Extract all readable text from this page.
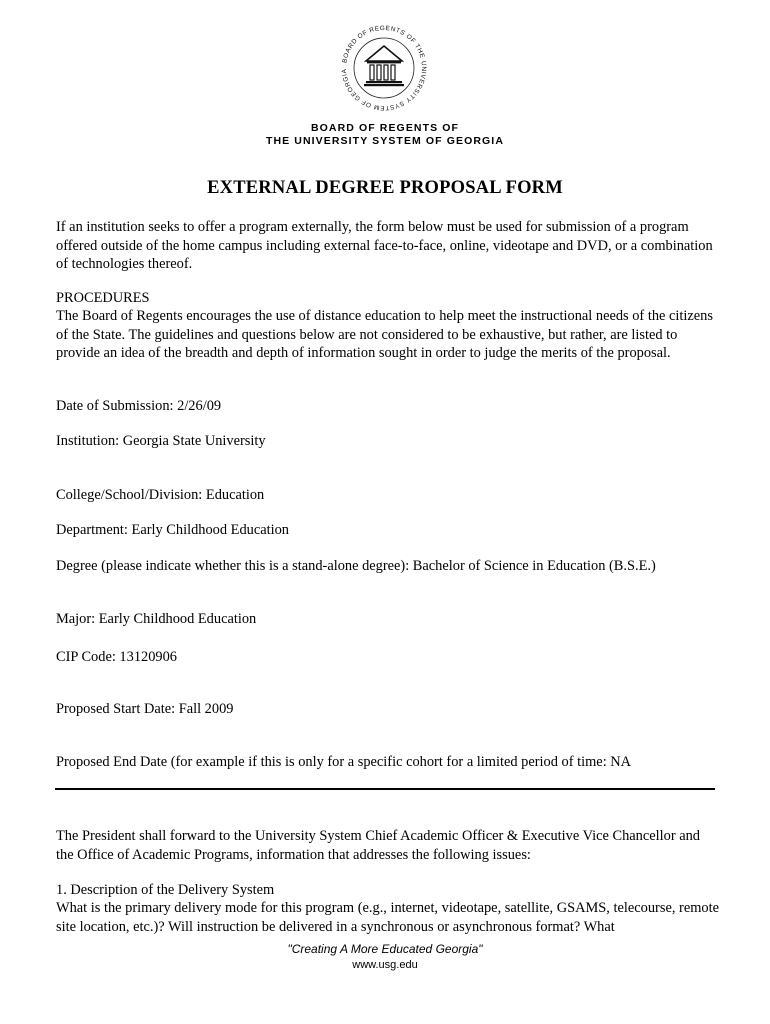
BOARD OF REGENTS OF THE UNIVERSITY SYSTEM OF GEORGIA
BOARD OF REGENTS OF
THE UNIVERSITY SYSTEM OF GEORGIA
EXTERNAL DEGREE PROPOSAL FORM
If an institution seeks to offer a program externally, the form below must be used for submission of a program offered outside of the home campus including external face-to-face, online, videotape and DVD, or a combination of technologies thereof.
PROCEDURES
The Board of Regents encourages the use of distance education to help meet the instructional needs of the citizens of the State. The guidelines and questions below are not considered to be exhaustive, but rather, are listed to provide an idea of the breadth and depth of information sought in order to judge the merits of the proposal.
Date of Submission: 2/26/09
Institution: Georgia State University
College/School/Division: Education
Department: Early Childhood Education
Degree (please indicate whether this is a stand-alone degree): Bachelor of Science in Education (B.S.E.)
Major: Early Childhood Education
CIP Code: 13120906
Proposed Start Date: Fall 2009
Proposed End Date (for example if this is only for a specific cohort for a limited period of time: NA
The President shall forward to the University System Chief Academic Officer & Executive Vice Chancellor and the Office of Academic Programs, information that addresses the following issues:
1. Description of the Delivery System
What is the primary delivery mode for this program (e.g., internet, videotape, satellite, GSAMS, telecourse, remote site location, etc.)? Will instruction be delivered in a synchronous or asynchronous format? What
"Creating A More Educated Georgia"
www.usg.edu
